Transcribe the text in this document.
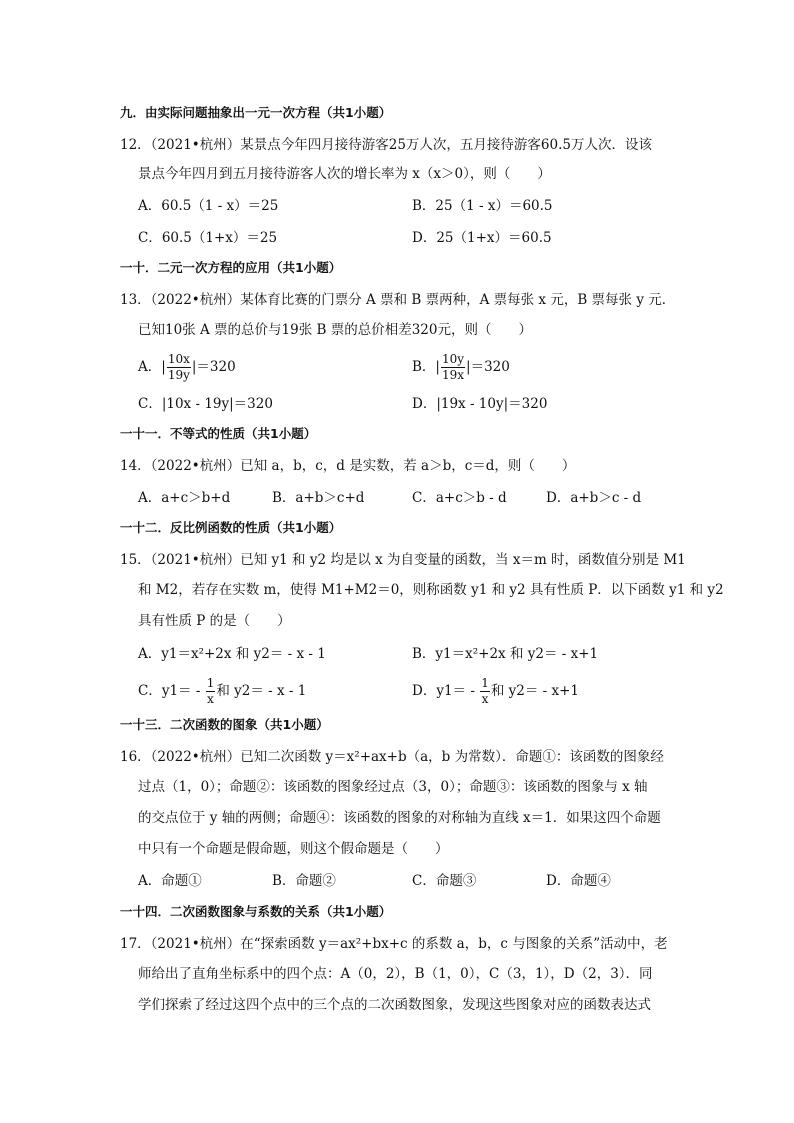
九．由实际问题抽象出一元一次方程（共1小题）
12．（2021•杭州）某景点今年四月接待游客25万人次，五月接待游客60.5万人次．设该
景点今年四月到五月接待游客人次的增长率为 x（x＞0），则（　　）
A．60.5（1 - x）＝25	B．25（1 - x）＝60.5
C．60.5（1+x）＝25	D．25（1+x）＝60.5
一十．二元一次方程的应用（共1小题）
13．（2022•杭州）某体育比赛的门票分 A 票和 B 票两种，A 票每张 x 元，B 票每张 y 元．
已知10张 A 票的总价与19张 B 票的总价相差320元，则（　　）
A．| $\frac{10x}{19y} |=320$	B．| $\frac{10y}{19x} |=320$
C．|10x - 19y|＝320	D．|19x - 10y|＝320
一十一．不等式的性质（共1小题）
14．（2022•杭州）已知 a，b，c，d 是实数，若 a＞b，c＝d，则（　　）
A．a+c＞b+d	B．a+b＞c+d	C．a+c＞b - d	D．a+b＞c - d
一十二．反比例函数的性质（共1小题）
15．（2021•杭州）已知 y1 和 y2 均是以 x 为自变量的函数，当 x＝m 时，函数值分别是 M1
和 M2，若存在实数 m，使得 M1+M2＝0，则称函数 y1 和 y2 具有性质 P．以下函数 y1 和 y2
具有性质 P 的是（　　）
A．y1＝x²+2x 和 y2＝ - x - 1	B．y1＝x²+2x 和 y2＝ - x+1
C．$y1= - \frac{1}{x}$ 和 y2＝ - x - 1	D．$y1= - \frac{1}{x}$ 和 y2＝ - x+1
一十三．二次函数的图象（共1小题）
16．（2022•杭州）已知二次函数 y＝x²+ax+b（a，b 为常数）．命题①：该函数的图象经
过点（1，0）；命题②：该函数的图象经过点（3，0）；命题③：该函数的图象与 x 轴
的交点位于 y 轴的两侧；命题④：该函数的图象的对称轴为直线 x＝1．如果这四个命题
中只有一个命题是假命题，则这个假命题是（　　）
A．命题①	B．命题②	C．命题③	D．命题④
一十四．二次函数图象与系数的关系（共1小题）
17．（2021•杭州）在“探索函数 y＝ax²+bx+c 的系数 a，b，c 与图象的关系”活动中，老
师给出了直角坐标系中的四个点：A（0，2），B（1，0），C（3，1），D（2，3）．同
学们探索了经过这四个点中的三个点的二次函数图象，发现这些图象对应的函数表达式
